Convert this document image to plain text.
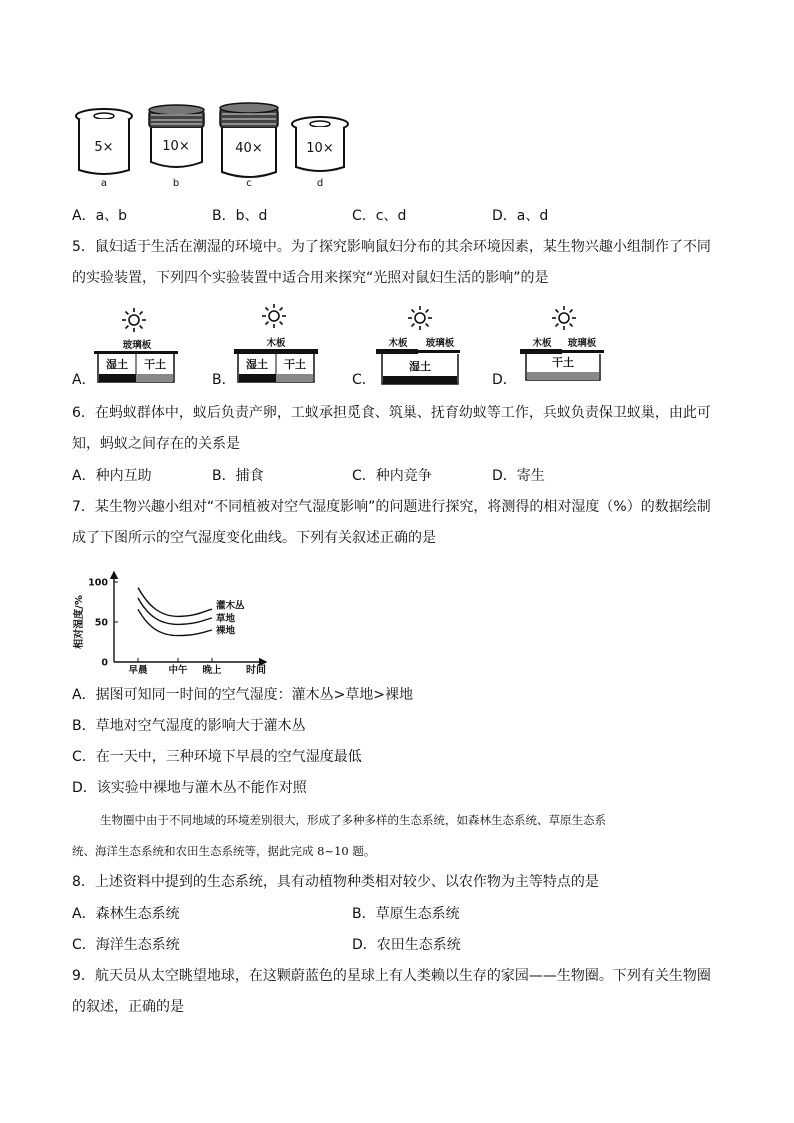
5×
a
10×
b
40×
c
10×
d
A．a、b	B．b、d	C．c、d	D．a、d
5．鼠妇适于生活在潮湿的环境中。为了探究影响鼠妇分布的其余环境因素，某生物兴趣小组制作了不同
的实验装置，下列四个实验装置中适合用来探究“光照对鼠妇生活的影响”的是
A．
玻璃板
湿土 干土
B．
木板
湿土 干土
C．
木板 玻璃板
湿土
D．
木板 玻璃板
干土
6．在蚂蚁群体中，蚁后负责产卵，工蚁承担觅食、筑巢、抚育幼蚁等工作，兵蚁负责保卫蚁巢，由此可
知，蚂蚁之间存在的关系是
A．种内互助	B．捕食	C．种内竞争	D．寄生
7．某生物兴趣小组对“不同植被对空气湿度影响”的问题进行探究，将测得的相对湿度（%）的数据绘制
成了下图所示的空气湿度变化曲线。下列有关叙述正确的是
相对湿度/%
时间
0
50
100
早晨 中午 晚上
灌木丛
草地
裸地
A．据图可知同一时间的空气湿度：灌木丛>草地>裸地
B．草地对空气湿度的影响大于灌木丛
C．在一天中，三种环境下早晨的空气湿度最低
D．该实验中裸地与灌木丛不能作对照
生物圈中由于不同地域的环境差别很大，形成了多种多样的生态系统，如森林生态系统、草原生态系
统、海洋生态系统和农田生态系统等，据此完成 8~10 题。
8．上述资料中提到的生态系统，具有动植物种类相对较少、以农作物为主等特点的是
A．森林生态系统	B．草原生态系统
C．海洋生态系统	D．农田生态系统
9．航天员从太空眺望地球，在这颗蔚蓝色的星球上有人类赖以生存的家园——生物圈。下列有关生物圈
的叙述，正确的是
